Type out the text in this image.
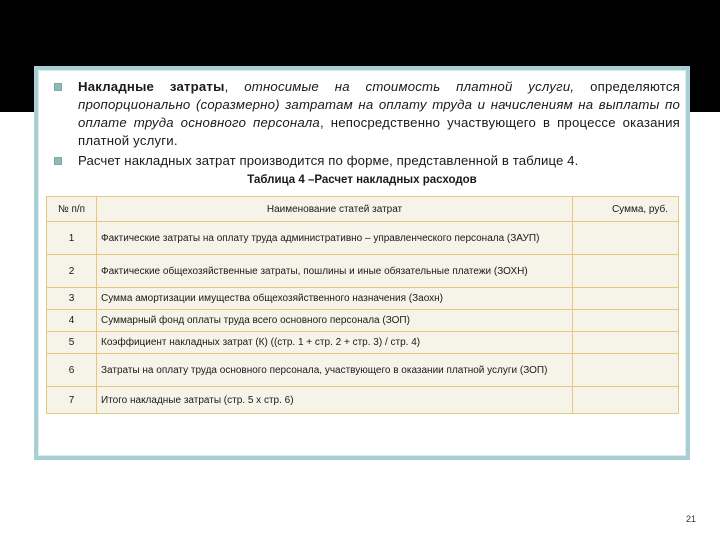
Накладные затраты, относимые на стоимость платной услуги, определяются пропорционально (соразмерно) затратам на оплату труда и начислениям на выплаты по оплате труда основного персонала, непосредственно участвующего в процессе оказания платной услуги.
Расчет накладных затрат производится по форме, представленной в таблице 4.
Таблица 4 –Расчет накладных расходов
№ п/п	Наименование статей затрат	Сумма, руб.
1	Фактические затраты на оплату труда административно – управленческого персонала (ЗАУП)	
2	Фактические общехозяйственные затраты, пошлины и иные обязательные платежи (ЗОХН)	
3	Сумма амортизации имущества общехозяйственного назначения (Заохн)	
4	Суммарный фонд оплаты труда всего основного персонала (ЗОП)	
5	Коэффициент накладных затрат (К) ((стр. 1 + стр. 2 + стр. 3) / стр. 4)	
6	Затраты на оплату труда основного персонала, участвующего в оказании платной услуги (ЗОП)	
7	Итого накладные затраты (стр. 5 х стр. 6)	
21
